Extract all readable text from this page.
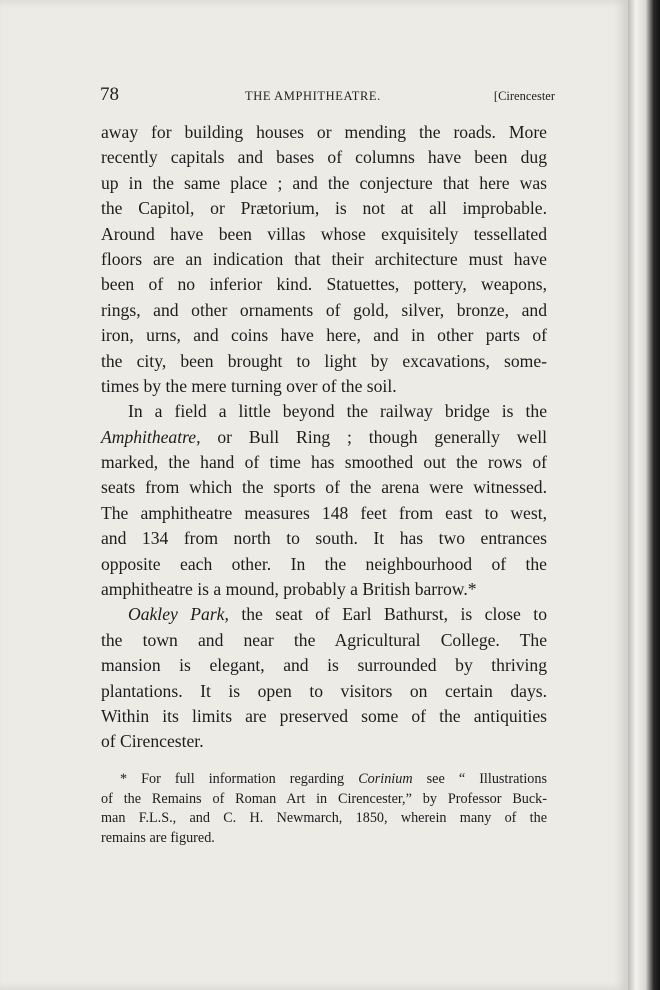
78	THE AMPHITHEATRE.	[Cirencester
away for building houses or mending the roads. More
recently capitals and bases of columns have been dug
up in the same place ; and the conjecture that here was
the Capitol, or Prætorium, is not at all improbable.
Around have been villas whose exquisitely tessellated
floors are an indication that their architecture must have
been of no inferior kind. Statuettes, pottery, weapons,
rings, and other ornaments of gold, silver, bronze, and
iron, urns, and coins have here, and in other parts of
the city, been brought to light by excavations, some-
times by the mere turning over of the soil.
In a field a little beyond the railway bridge is the
Amphitheatre, or Bull Ring ; though generally well
marked, the hand of time has smoothed out the rows of
seats from which the sports of the arena were witnessed.
The amphitheatre measures 148 feet from east to west,
and 134 from north to south. It has two entrances
opposite each other. In the neighbourhood of the
amphitheatre is a mound, probably a British barrow.*
Oakley Park, the seat of Earl Bathurst, is close to
the town and near the Agricultural College. The
mansion is elegant, and is surrounded by thriving
plantations. It is open to visitors on certain days.
Within its limits are preserved some of the antiquities
of Cirencester.
* For full information regarding Corinium see “ Illustrations
of the Remains of Roman Art in Cirencester,” by Professor Buck-
man F.L.S., and C. H. Newmarch, 1850, wherein many of the
remains are figured.
